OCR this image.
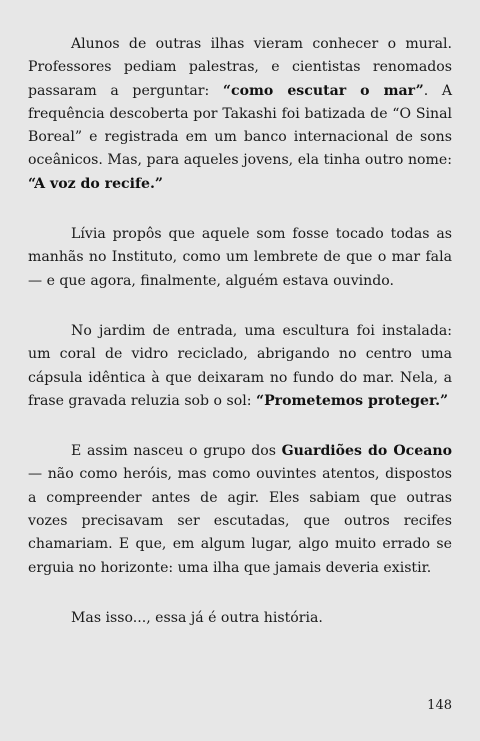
Alunos de outras ilhas vieram conhecer o mural. Professores pediam palestras, e cientistas renomados passaram a perguntar: “como escutar o mar”. A frequência descoberta por Takashi foi batizada de “O Sinal Boreal” e registrada em um banco internacional de sons oceânicos. Mas, para aqueles jovens, ela tinha outro nome: “A voz do recife.”

Lívia propôs que aquele som fosse tocado todas as manhãs no Instituto, como um lembrete de que o mar fala — e que agora, finalmente, alguém estava ouvindo.

No jardim de entrada, uma escultura foi instalada: um coral de vidro reciclado, abrigando no centro uma cápsula idêntica à que deixaram no fundo do mar. Nela, a frase gravada reluzia sob o sol: “Prometemos proteger.”

E assim nasceu o grupo dos Guardiões do Oceano — não como heróis, mas como ouvintes atentos, dispostos a compreender antes de agir. Eles sabiam que outras vozes precisavam ser escutadas, que outros recifes chamariam. E que, em algum lugar, algo muito errado se erguia no horizonte: uma ilha que jamais deveria existir.

Mas isso..., essa já é outra história.

148
